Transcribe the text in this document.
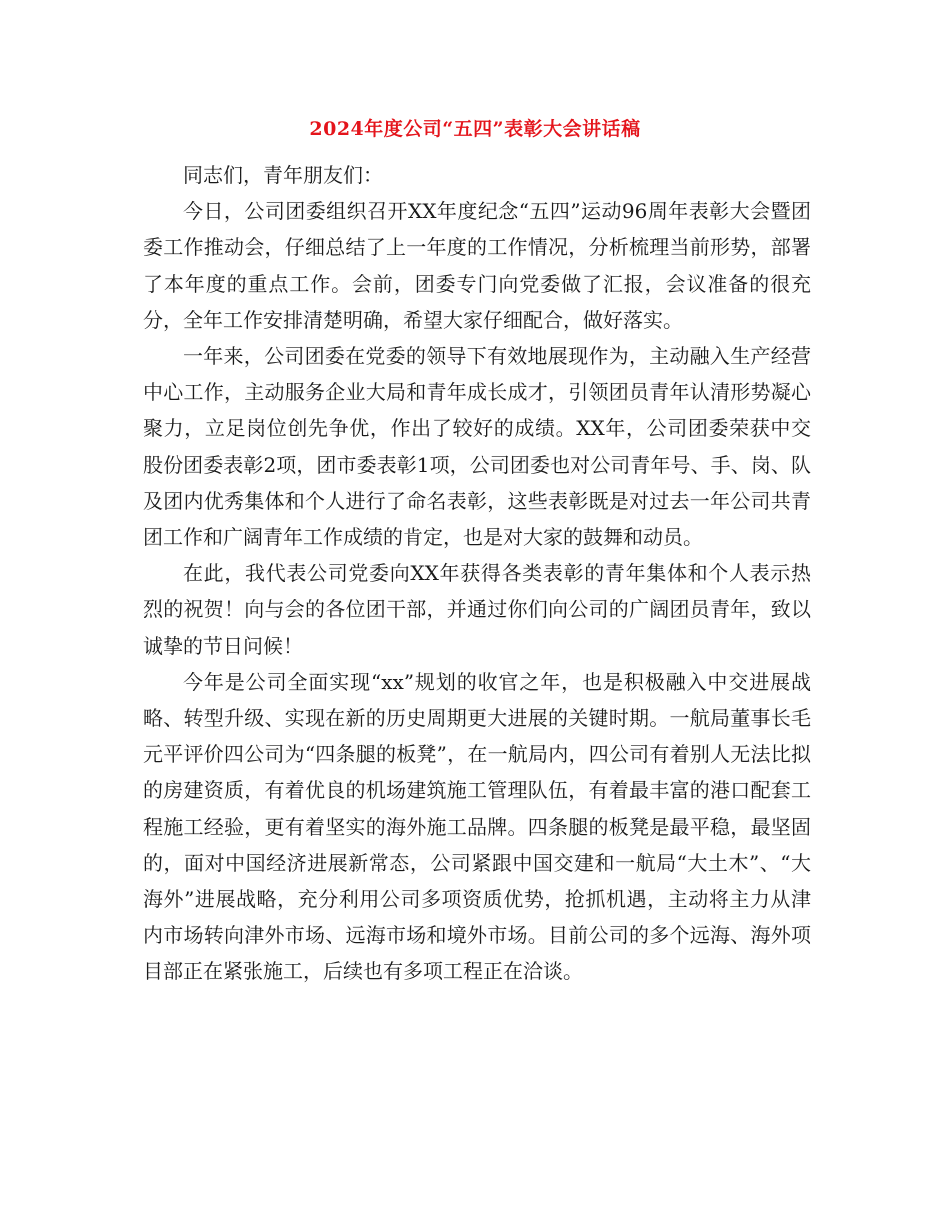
2024年度公司“五四”表彰大会讲话稿

同志们，青年朋友们：

今日，公司团委组织召开XX年度纪念“五四”运动96周年表彰大会暨团委工作推动会，仔细总结了上一年度的工作情况，分析梳理当前形势，部署了本年度的重点工作。会前，团委专门向党委做了汇报，会议准备的很充分，全年工作安排清楚明确，希望大家仔细配合，做好落实。

一年来，公司团委在党委的领导下有效地展现作为，主动融入生产经营中心工作，主动服务企业大局和青年成长成才，引领团员青年认清形势凝心聚力，立足岗位创先争优，作出了较好的成绩。XX年，公司团委荣获中交股份团委表彰2项，团市委表彰1项，公司团委也对公司青年号、手、岗、队及团内优秀集体和个人进行了命名表彰，这些表彰既是对过去一年公司共青团工作和广阔青年工作成绩的肯定，也是对大家的鼓舞和动员。

在此，我代表公司党委向XX年获得各类表彰的青年集体和个人表示热烈的祝贺！向与会的各位团干部，并通过你们向公司的广阔团员青年，致以诚挚的节日问候！

今年是公司全面实现“xx”规划的收官之年，也是积极融入中交进展战略、转型升级、实现在新的历史周期更大进展的关键时期。一航局董事长毛元平评价四公司为“四条腿的板凳”，在一航局内，四公司有着别人无法比拟的房建资质，有着优良的机场建筑施工管理队伍，有着最丰富的港口配套工程施工经验，更有着坚实的海外施工品牌。四条腿的板凳是最平稳，最坚固的，面对中国经济进展新常态，公司紧跟中国交建和一航局“大土木”、“大海外”进展战略，充分利用公司多项资质优势，抢抓机遇，主动将主力从津内市场转向津外市场、远海市场和境外市场。目前公司的多个远海、海外项目部正在紧张施工，后续也有多项工程正在洽谈。
